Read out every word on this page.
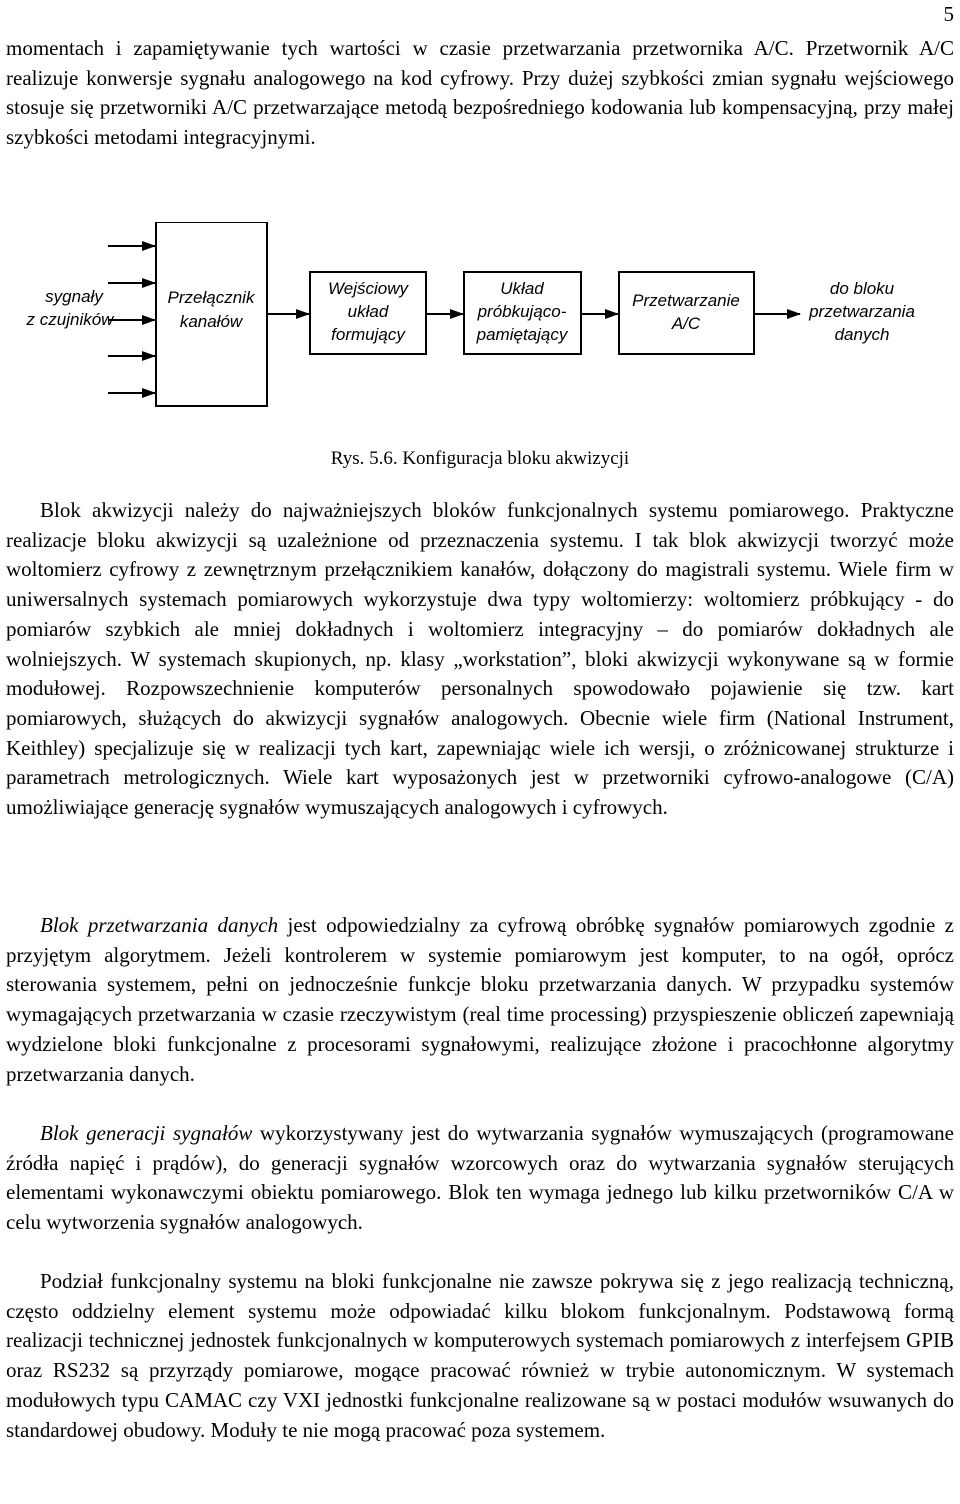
5

momentach i zapamiętywanie tych wartości w czasie przetwarzania przetwornika A/C. Przetwornik A/C realizuje konwersje sygnału analogowego na kod cyfrowy. Przy dużej szybkości zmian sygnału wejściowego stosuje się przetworniki A/C przetwarzające metodą bezpośredniego kodowania lub kompensacyjną, przy małej szybkości metodami integracyjnymi.

sygnały
z czujników
Przełącznik
kanałów
Wejściowy
układ
formujący
Układ
próbkująco-
pamiętający
Przetwarzanie
A/C
do bloku
przetwarzania
danych
Rys. 5.6. Konfiguracja bloku akwizycji

Blok akwizycji należy do najważniejszych bloków funkcjonalnych systemu pomiarowego. Praktyczne realizacje bloku akwizycji są uzależnione od przeznaczenia systemu. I tak blok akwizycji tworzyć może woltomierz cyfrowy z zewnętrznym przełącznikiem kanałów, dołączony do magistrali systemu. Wiele firm w uniwersalnych systemach pomiarowych wykorzystuje dwa typy woltomierzy: woltomierz próbkujący - do pomiarów szybkich ale mniej dokładnych i woltomierz integracyjny – do pomiarów dokładnych ale wolniejszych. W systemach skupionych, np. klasy „workstation”, bloki akwizycji wykonywane są w formie modułowej. Rozpowszechnienie komputerów personalnych spowodowało pojawienie się tzw. kart pomiarowych, służących do akwizycji sygnałów analogowych. Obecnie wiele firm (National Instrument, Keithley) specjalizuje się w realizacji tych kart, zapewniając wiele ich wersji, o zróżnicowanej strukturze i parametrach metrologicznych. Wiele kart wyposażonych jest w przetworniki cyfrowo-analogowe (C/A) umożliwiające generację sygnałów wymuszających analogowych i cyfrowych.

Blok przetwarzania danych jest odpowiedzialny za cyfrową obróbkę sygnałów pomiarowych zgodnie z przyjętym algorytmem. Jeżeli kontrolerem w systemie pomiarowym jest komputer, to na ogół, oprócz sterowania systemem, pełni on jednocześnie funkcje bloku przetwarzania danych. W przypadku systemów wymagających przetwarzania w czasie rzeczywistym (real time processing) przyspieszenie obliczeń zapewniają wydzielone bloki funkcjonalne z procesorami sygnałowymi, realizujące złożone i pracochłonne algorytmy przetwarzania danych.

Blok generacji sygnałów wykorzystywany jest do wytwarzania sygnałów wymuszających (programowane źródła napięć i prądów), do generacji sygnałów wzorcowych oraz do wytwarzania sygnałów sterujących elementami wykonawczymi obiektu pomiarowego. Blok ten wymaga jednego lub kilku przetworników C/A w celu wytworzenia sygnałów analogowych.

Podział funkcjonalny systemu na bloki funkcjonalne nie zawsze pokrywa się z jego realizacją techniczną, często oddzielny element systemu może odpowiadać kilku blokom funkcjonalnym. Podstawową formą realizacji technicznej jednostek funkcjonalnych w komputerowych systemach pomiarowych z interfejsem GPIB oraz RS232 są przyrządy pomiarowe, mogące pracować również w trybie autonomicznym. W systemach modułowych typu CAMAC czy VXI jednostki funkcjonalne realizowane są w postaci modułów wsuwanych do standardowej obudowy. Moduły te nie mogą pracować poza systemem.
